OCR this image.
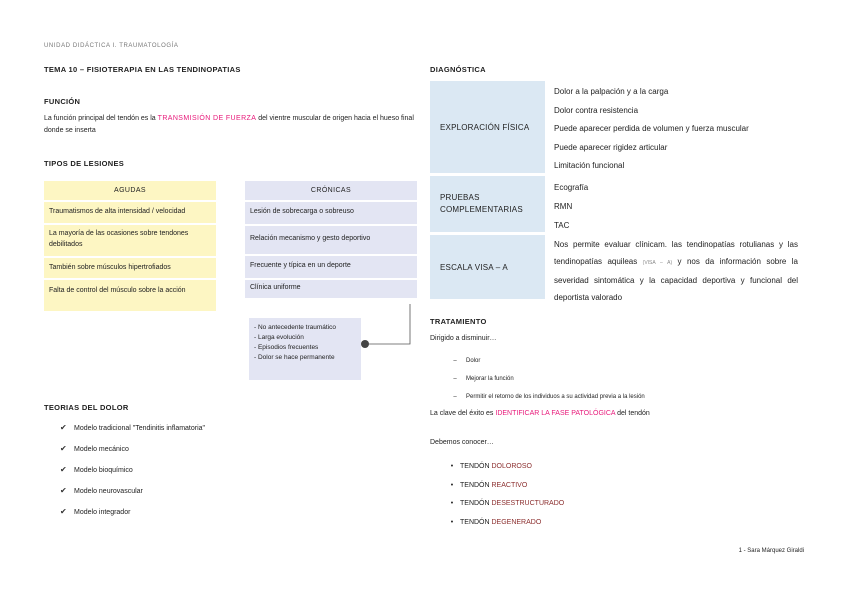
UNIDAD DIDÁCTICA I. TRAUMATOLOGÍA
TEMA 10 – FISIOTERAPIA EN LAS TENDINOPATIAS
FUNCIÓN
La función principal del tendón es la TRANSMISIÓN DE FUERZA del vientre muscular de origen hacia el hueso final donde se inserta
TIPOS DE LESIONES
AGUDAS
Traumatismos de alta intensidad / velocidad
La mayoría de las ocasiones sobre tendones debilitados
También sobre músculos hipertrofiados
Falta de control del músculo sobre la acción
CRÓNICAS
Lesión de sobrecarga o sobreuso
Relación mecanismo y gesto deportivo
Frecuente y típica en un deporte
Clínica uniforme
- No antecedente traumático
- Larga evolución
- Episodios frecuentes
- Dolor se hace permanente
TEORIAS DEL DOLOR
✔ Modelo tradicional "Tendinitis inflamatoria"
✔ Modelo mecánico
✔ Modelo bioquímico
✔ Modelo neurovascular
✔ Modelo integrador
DIAGNÓSTICA
EXPLORACIÓN FÍSICA
Dolor a la palpación y a la carga
Dolor contra resistencia
Puede aparecer perdida de volumen y fuerza muscular
Puede aparecer rigidez articular
Limitación funcional
PRUEBAS
COMPLEMENTARIAS
Ecografía
RMN
TAC
ESCALA VISA – A
Nos permite evaluar clínicam. las tendinopatías rotulianas y las tendinopatías aquileas (VISA – A) y nos da información sobre la severidad sintomática y la capacidad deportiva y funcional del deportista valorado
TRATAMIENTO
Dirigido a disminuir…
– Dolor
– Mejorar la función
– Permitir el retorno de los individuos a su actividad previa a la lesión
La clave del éxito es IDENTIFICAR LA FASE PATOLÓGICA del tendón
Debemos conocer…
• TENDÓN DOLOROSO
• TENDÓN REACTIVO
• TENDÓN DESESTRUCTURADO
• TENDÓN DEGENERADO
1 - Sara Márquez Giraldi
